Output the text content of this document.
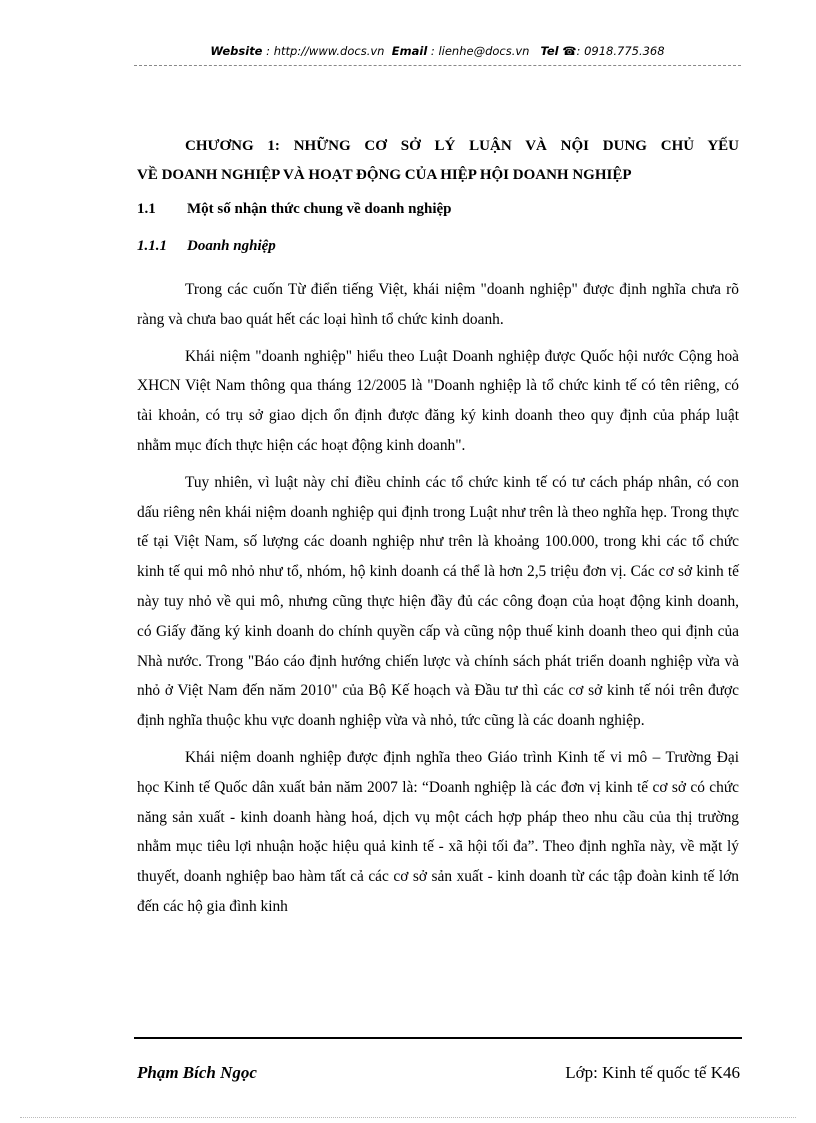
Website : http://www.docs.vn Email : lienhe@docs.vn Tel ☎: 0918.775.368
CHƯƠNG 1: NHỮNG CƠ SỞ LÝ LUẬN VÀ NỘI DUNG CHỦ YẾU
VỀ DOANH NGHIỆP VÀ HOẠT ĐỘNG CỦA HIỆP HỘI DOANH NGHIỆP
1.1 Một số nhận thức chung về doanh nghiệp
1.1.1 Doanh nghiệp

Trong các cuốn Từ điển tiếng Việt, khái niệm "doanh nghiệp" được định nghĩa chưa rõ ràng và chưa bao quát hết các loại hình tổ chức kinh doanh.

Khái niệm "doanh nghiệp" hiểu theo Luật Doanh nghiệp được Quốc hội nước Cộng hoà XHCN Việt Nam thông qua tháng 12/2005 là "Doanh nghiệp là tổ chức kinh tế có tên riêng, có tài khoản, có trụ sở giao dịch ổn định được đăng ký kinh doanh theo quy định của pháp luật nhằm mục đích thực hiện các hoạt động kinh doanh".

Tuy nhiên, vì luật này chỉ điều chỉnh các tổ chức kinh tế có tư cách pháp nhân, có con dấu riêng nên khái niệm doanh nghiệp qui định trong Luật như trên là theo nghĩa hẹp. Trong thực tế tại Việt Nam, số lượng các doanh nghiệp như trên là khoảng 100.000, trong khi các tổ chức kinh tế qui mô nhỏ như tổ, nhóm, hộ kinh doanh cá thể là hơn 2,5 triệu đơn vị. Các cơ sở kinh tế này tuy nhỏ về qui mô, nhưng cũng thực hiện đầy đủ các công đoạn của hoạt động kinh doanh, có Giấy đăng ký kinh doanh do chính quyền cấp và cũng nộp thuế kinh doanh theo qui định của Nhà nước. Trong "Báo cáo định hướng chiến lược và chính sách phát triển doanh nghiệp vừa và nhỏ ở Việt Nam đến năm 2010" của Bộ Kế hoạch và Đầu tư thì các cơ sở kinh tế nói trên được định nghĩa thuộc khu vực doanh nghiệp vừa và nhỏ, tức cũng là các doanh nghiệp.

Khái niệm doanh nghiệp được định nghĩa theo Giáo trình Kinh tế vi mô – Trường Đại học Kinh tế Quốc dân xuất bản năm 2007 là: “Doanh nghiệp là các đơn vị kinh tế cơ sở có chức năng sản xuất - kinh doanh hàng hoá, dịch vụ một cách hợp pháp theo nhu cầu của thị trường nhằm mục tiêu lợi nhuận hoặc hiệu quả kinh tế - xã hội tối đa”. Theo định nghĩa này, về mặt lý thuyết, doanh nghiệp bao hàm tất cả các cơ sở sản xuất - kinh doanh từ các tập đoàn kinh tế lớn đến các hộ gia đình kinh

Phạm Bích Ngọc	Lớp: Kinh tế quốc tế K46
